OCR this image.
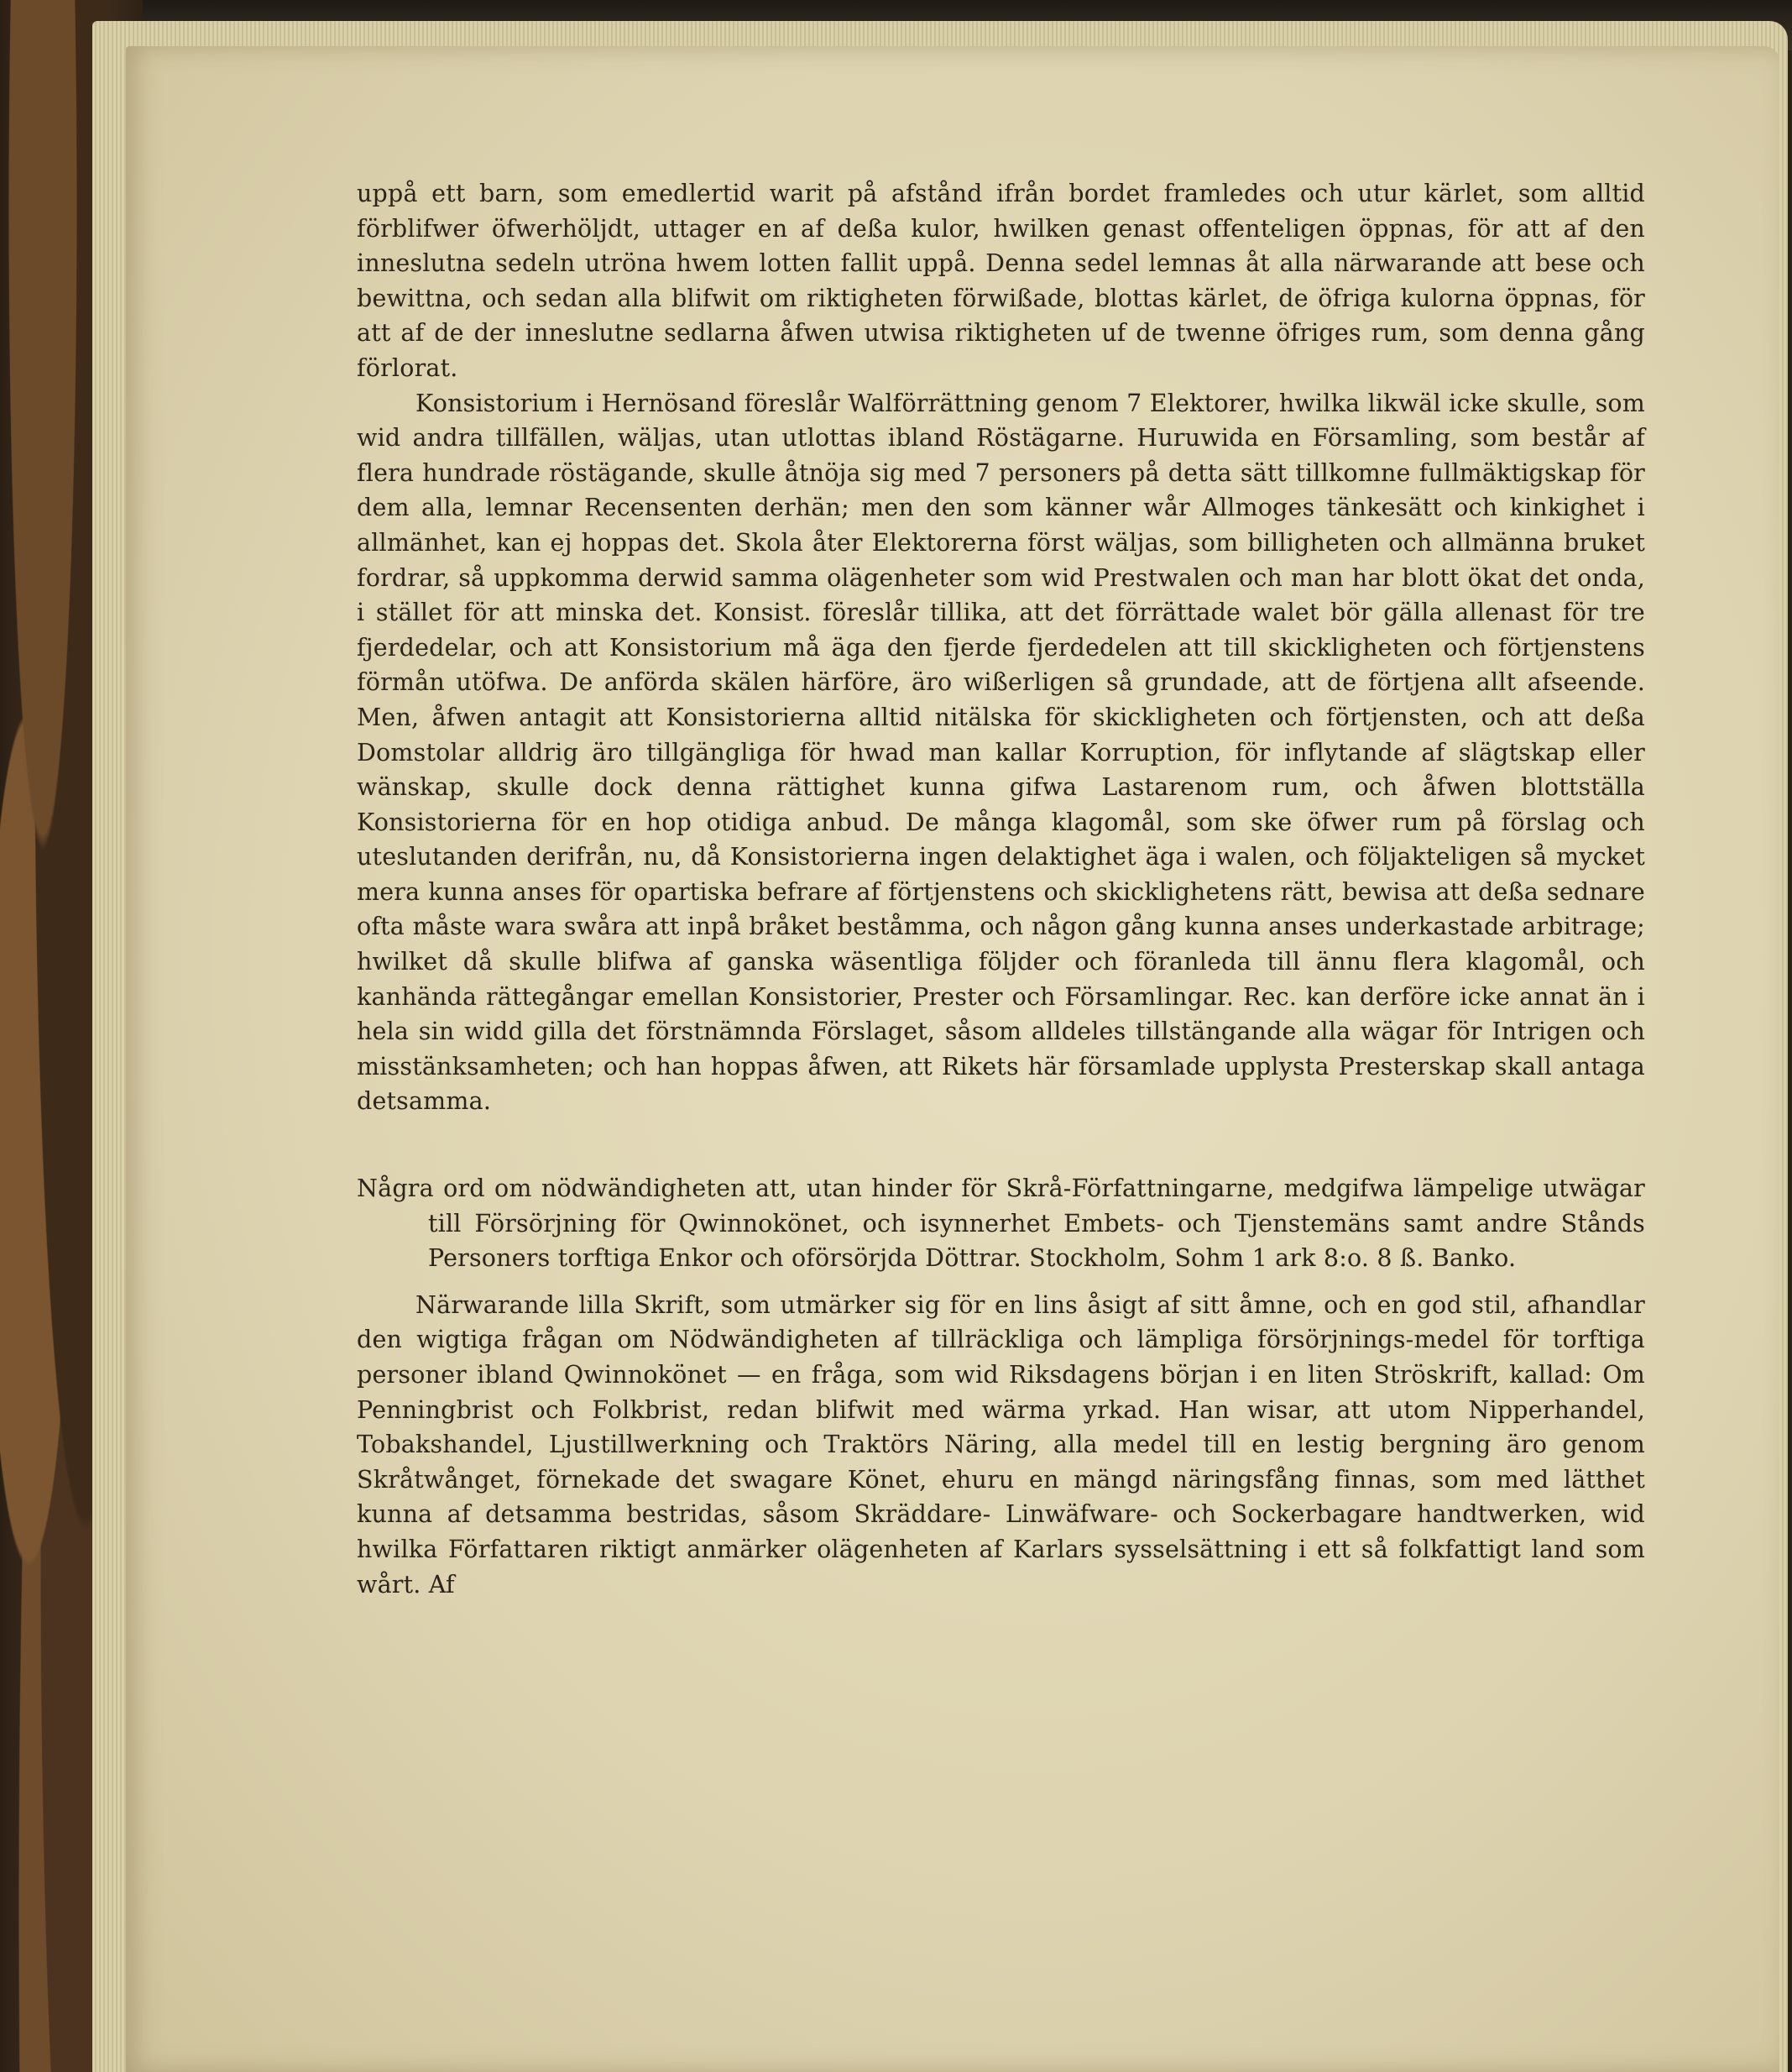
uppå ett barn, som emedlertid warit på afstånd ifrån bordet framledes och utur kärlet, som alltid förblifwer öfwerhöljdt, uttager en af deßa kulor, hwilken genast offenteligen öppnas, för att af den inneslutna sedeln utröna hwem lotten fallit uppå. Denna sedel lemnas åt alla närwarande att bese och bewittna, och sedan alla blifwit om riktigheten förwißade, blottas kärlet, de öfriga kulorna öppnas, för att af de der inneslutne sedlarna åfwen utwisa riktigheten uf de twenne öfriges rum, som denna gång förlorat.

Konsistorium i Hernösand föreslår Walförrättning genom 7 Elektorer, hwilka likwäl icke skulle, som wid andra tillfällen, wäljas, utan utlottas ibland Röstägarne. Huruwida en Församling, som består af flera hundrade röstägande, skulle åtnöja sig med 7 personers på detta sätt tillkomne fullmäktigskap för dem alla, lemnar Recensenten derhän; men den som känner wår Allmoges tänkesätt och kinkighet i allmänhet, kan ej hoppas det. Skola åter Elektorerna först wäljas, som billigheten och allmänna bruket fordrar, så uppkomma derwid samma olägenheter som wid Prestwalen och man har blott ökat det onda, i stället för att minska det. Konsist. föreslår tillika, att det förrättade walet bör gälla allenast för tre fjerdedelar, och att Konsistorium må äga den fjerde fjerdedelen att till skickligheten och förtjenstens förmån utöfwa. De anförda skälen härföre, äro wißerligen så grundade, att de förtjena allt afseende. Men, åfwen antagit att Konsistorierna alltid nitälska för skickligheten och förtjensten, och att deßa Domstolar alldrig äro tillgängliga för hwad man kallar Korruption, för inflytande af slägtskap eller wänskap, skulle dock denna rättighet kunna gifwa Lastarenom rum, och åfwen blottställa Konsistorierna för en hop otidiga anbud. De många klagomål, som ske öfwer rum på förslag och uteslutanden derifrån, nu, då Konsistorierna ingen delaktighet äga i walen, och följakteligen så mycket mera kunna anses för opartiska befrare af förtjenstens och skicklighetens rätt, bewisa att deßa sednare ofta måste wara swåra att inpå bråket beståmma, och någon gång kunna anses underkastade arbitrage; hwilket då skulle blifwa af ganska wäsentliga följder och föranleda till ännu flera klagomål, och kanhända rättegångar emellan Konsistorier, Prester och Församlingar. Rec. kan derföre icke annat än i hela sin widd gilla det förstnämnda Förslaget, såsom alldeles tillstängande alla wägar för Intrigen och misstänksamheten; och han hoppas åfwen, att Rikets här församlade upplysta Presterskap skall antaga detsamma.

Några ord om nödwändigheten att, utan hinder för Skrå-Författningarne, medgifwa lämpelige utwägar till Försörjning för Qwinnokönet, och isynnerhet Embets- och Tjenstemäns samt andre Stånds Personers torftiga Enkor och oförsörjda Döttrar. Stockholm, Sohm 1 ark 8:o. 8 ß. Banko.

Närwarande lilla Skrift, som utmärker sig för en lins åsigt af sitt åmne, och en god stil, afhandlar den wigtiga frågan om Nödwändigheten af tillräckliga och lämpliga försörjnings-medel för torftiga personer ibland Qwinnokönet — en fråga, som wid Riksdagens början i en liten Ströskrift, kallad: Om Penningbrist och Folkbrist, redan blifwit med wärma yrkad. Han wisar, att utom Nipperhandel, Tobakshandel, Ljustillwerkning och Traktörs Näring, alla medel till en lestig bergning äro genom Skråtwånget, förnekade det swagare Könet, ehuru en mängd näringsfång finnas, som med lätthet kunna af detsamma bestridas, såsom Skräddare- Linwäfware- och Sockerbagare handtwerken, wid hwilka Författaren riktigt anmärker olägenheten af Karlars sysselsättning i ett så folkfattigt land som wårt. Af
